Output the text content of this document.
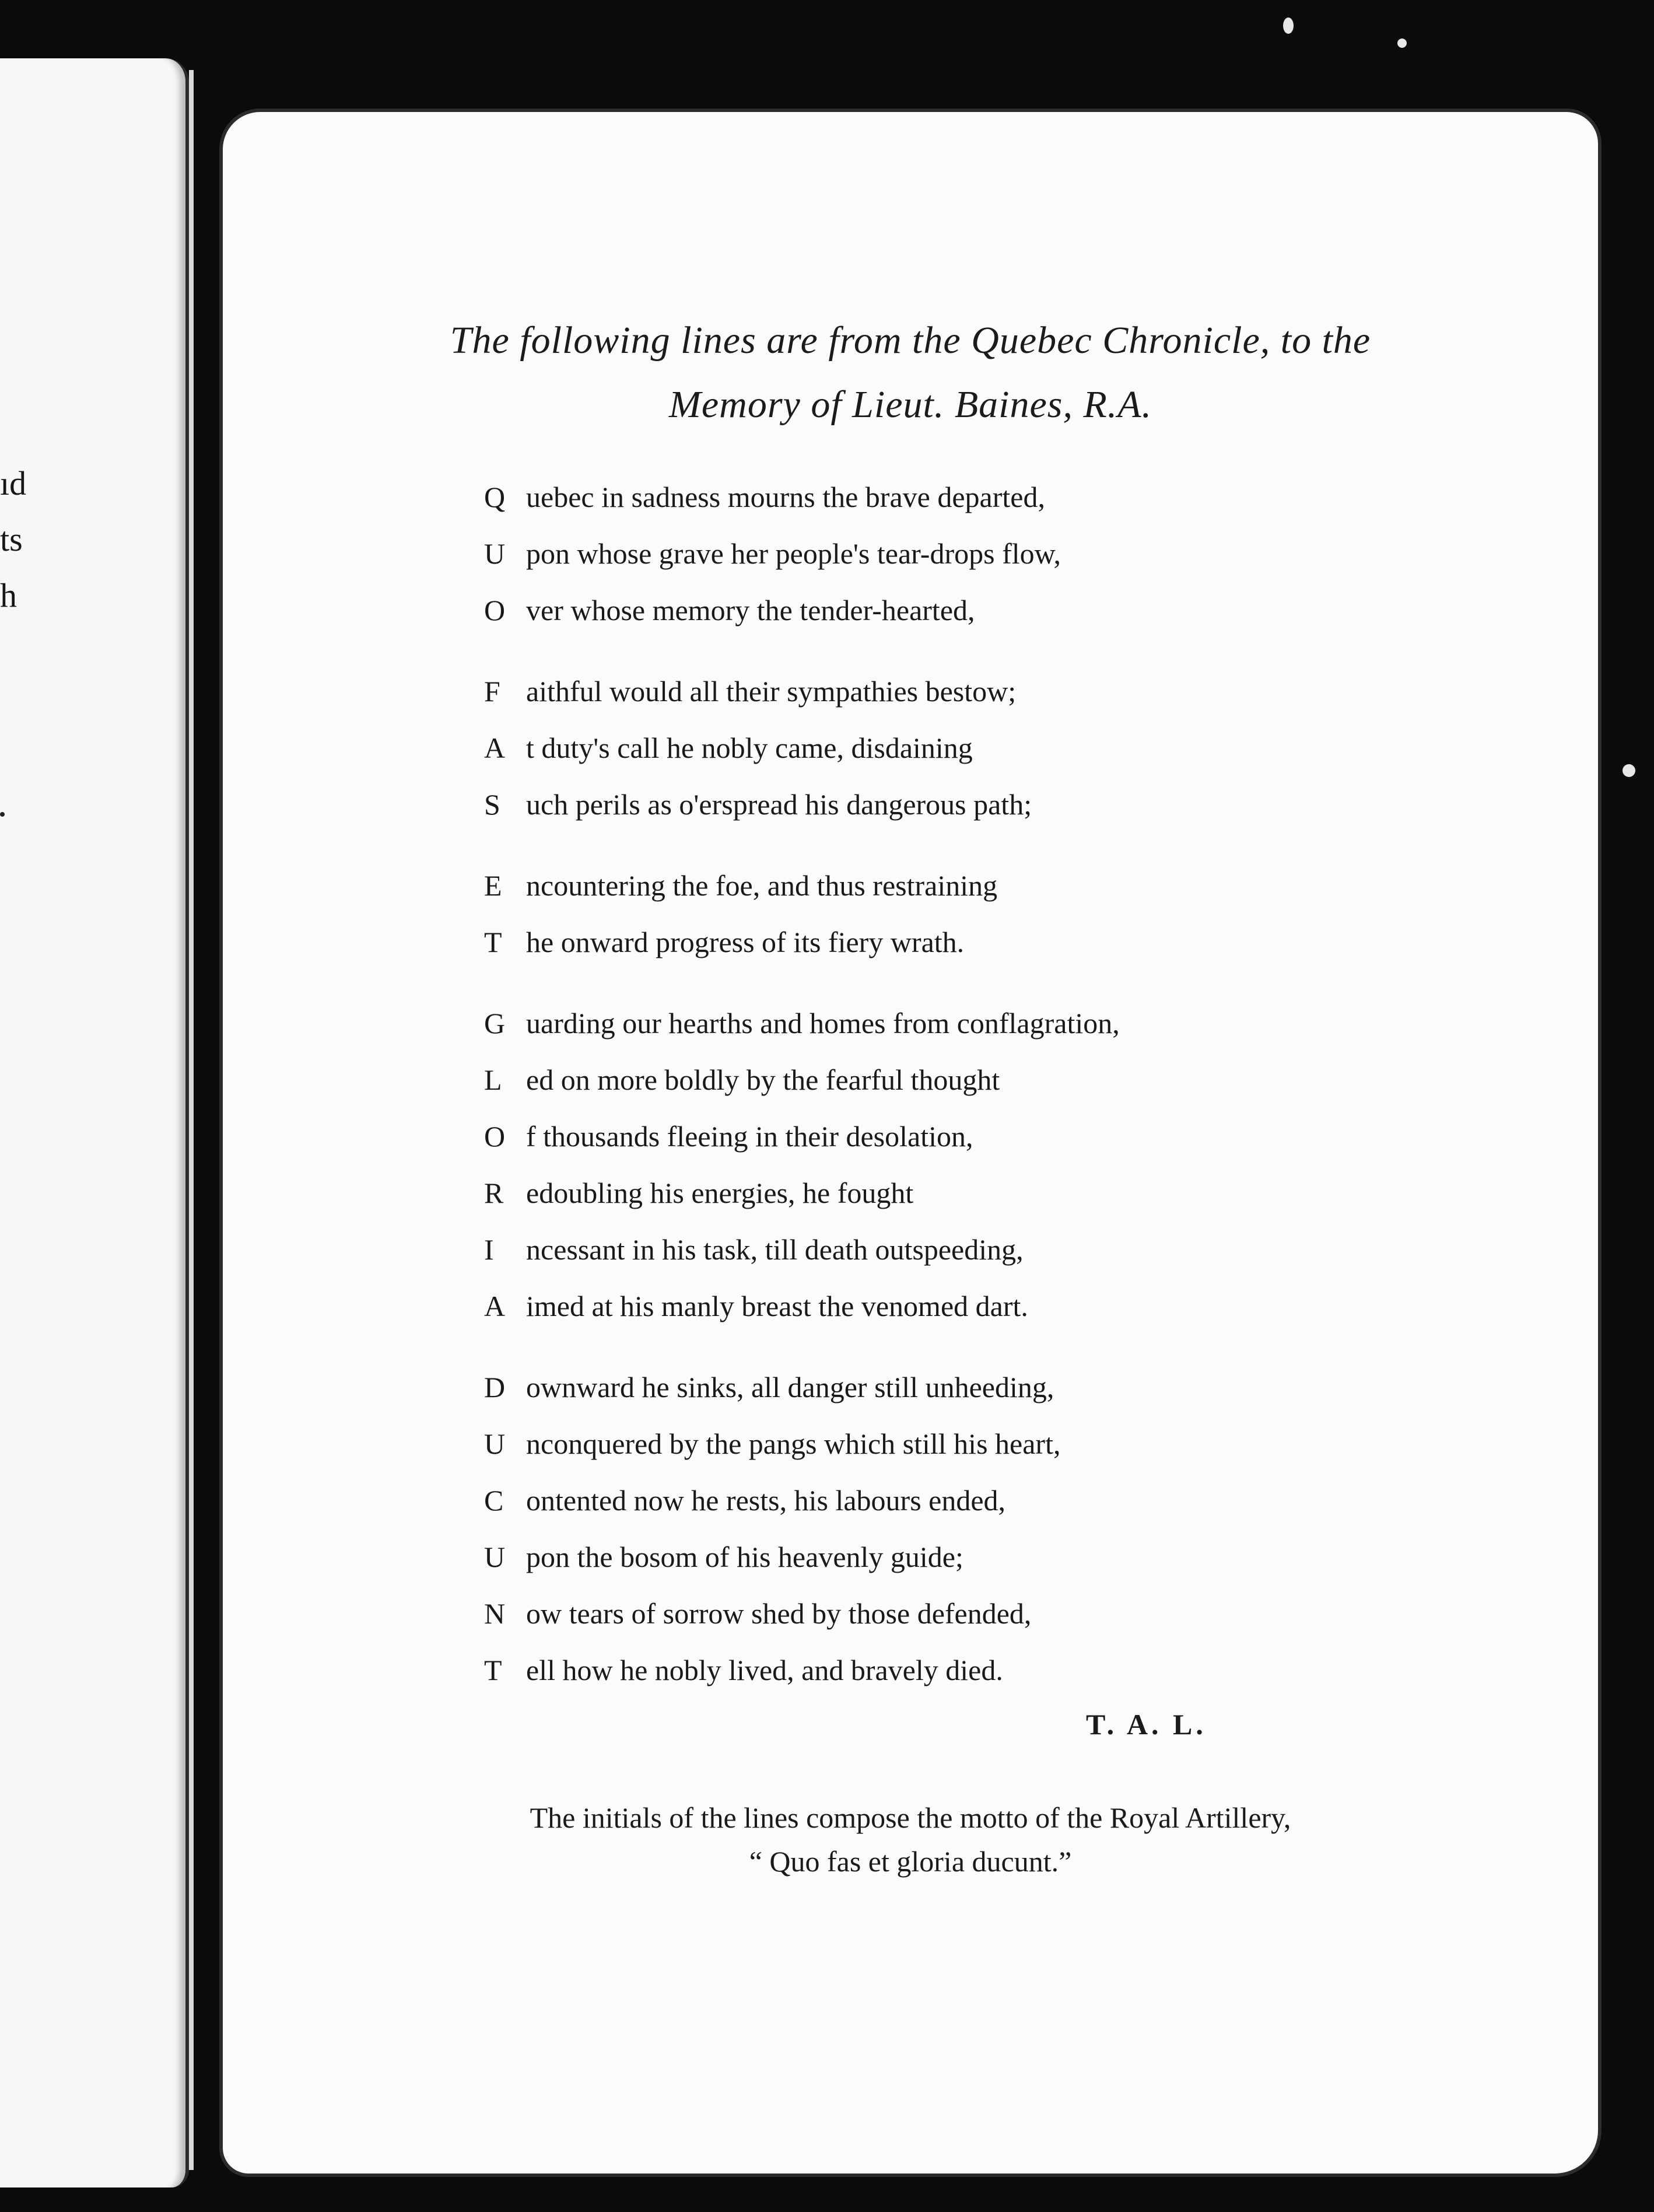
ıd
ts
h
The following lines are from the Quebec Chronicle, to the
Memory of Lieut. Baines, R.A.
Q uebec in sadness mourns the brave departed,
U pon whose grave her people's tear-drops flow,
O ver whose memory the tender-hearted,
F aithful would all their sympathies bestow;
A t duty's call he nobly came, disdaining
S uch perils as o'erspread his dangerous path;
E ncountering the foe, and thus restraining
T he onward progress of its fiery wrath.
G uarding our hearths and homes from conflagration,
L ed on more boldly by the fearful thought
O f thousands fleeing in their desolation,
R edoubling his energies, he fought
I ncessant in his task, till death outspeeding,
A imed at his manly breast the venomed dart.
D ownward he sinks, all danger still unheeding,
U nconquered by the pangs which still his heart,
C ontented now he rests, his labours ended,
U pon the bosom of his heavenly guide;
N ow tears of sorrow shed by those defended,
T ell how he nobly lived, and bravely died.
T. A. L.
The initials of the lines compose the motto of the Royal Artillery,
“ Quo fas et gloria ducunt.”
